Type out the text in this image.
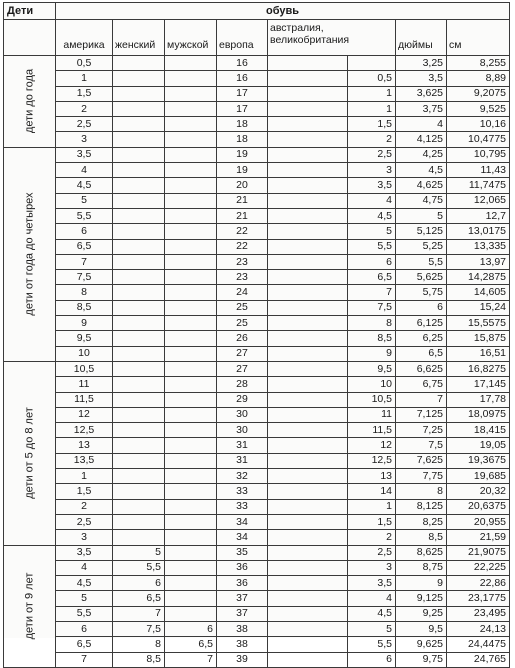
Дети	обувь							
	америка	женский	мужской	европа	австралия, великобритания		дюймы	см

дети до года	0,5			16			3,25	8,255
	1			16		0,5	3,5	8,89
	1,5			17		1	3,625	9,2075
	2			17		1	3,75	9,525
	2,5			18		1,5	4	10,16
	3			18		2	4,125	10,4775

дети от года до четырех	3,5			19		2,5	4,25	10,795
	4			19		3	4,5	11,43
	4,5			20		3,5	4,625	11,7475
	5			21		4	4,75	12,065
	5,5			21		4,5	5	12,7
	6			22		5	5,125	13,0175
	6,5			22		5,5	5,25	13,335
	7			23		6	5,5	13,97
	7,5			23		6,5	5,625	14,2875
	8			24		7	5,75	14,605
	8,5			25		7,5	6	15,24
	9			25		8	6,125	15,5575
	9,5			26		8,5	6,25	15,875
	10			27		9	6,5	16,51

дети от 5 до 8 лет	10,5			27		9,5	6,625	16,8275
	11			28		10	6,75	17,145
	11,5			29		10,5	7	17,78
	12			30		11	7,125	18,0975
	12,5			30		11,5	7,25	18,415
	13			31		12	7,5	19,05
	13,5			31		12,5	7,625	19,3675
	1			32		13	7,75	19,685
	1,5			33		14	8	20,32
	2			33		1	8,125	20,6375
	2,5			34		1,5	8,25	20,955
	3			34		2	8,5	21,59

дети от 9 лет	3,5	5		35		2,5	8,625	21,9075
	4	5,5		36		3	8,75	22,225
	4,5	6		36		3,5	9	22,86
	5	6,5		37		4	9,125	23,1775
	5,5	7		37		4,5	9,25	23,495
	6	7,5	6	38		5	9,5	24,13
	6,5	8	6,5	38		5,5	9,625	24,4475
	7	8,5	7	39		6	9,75	24,765
